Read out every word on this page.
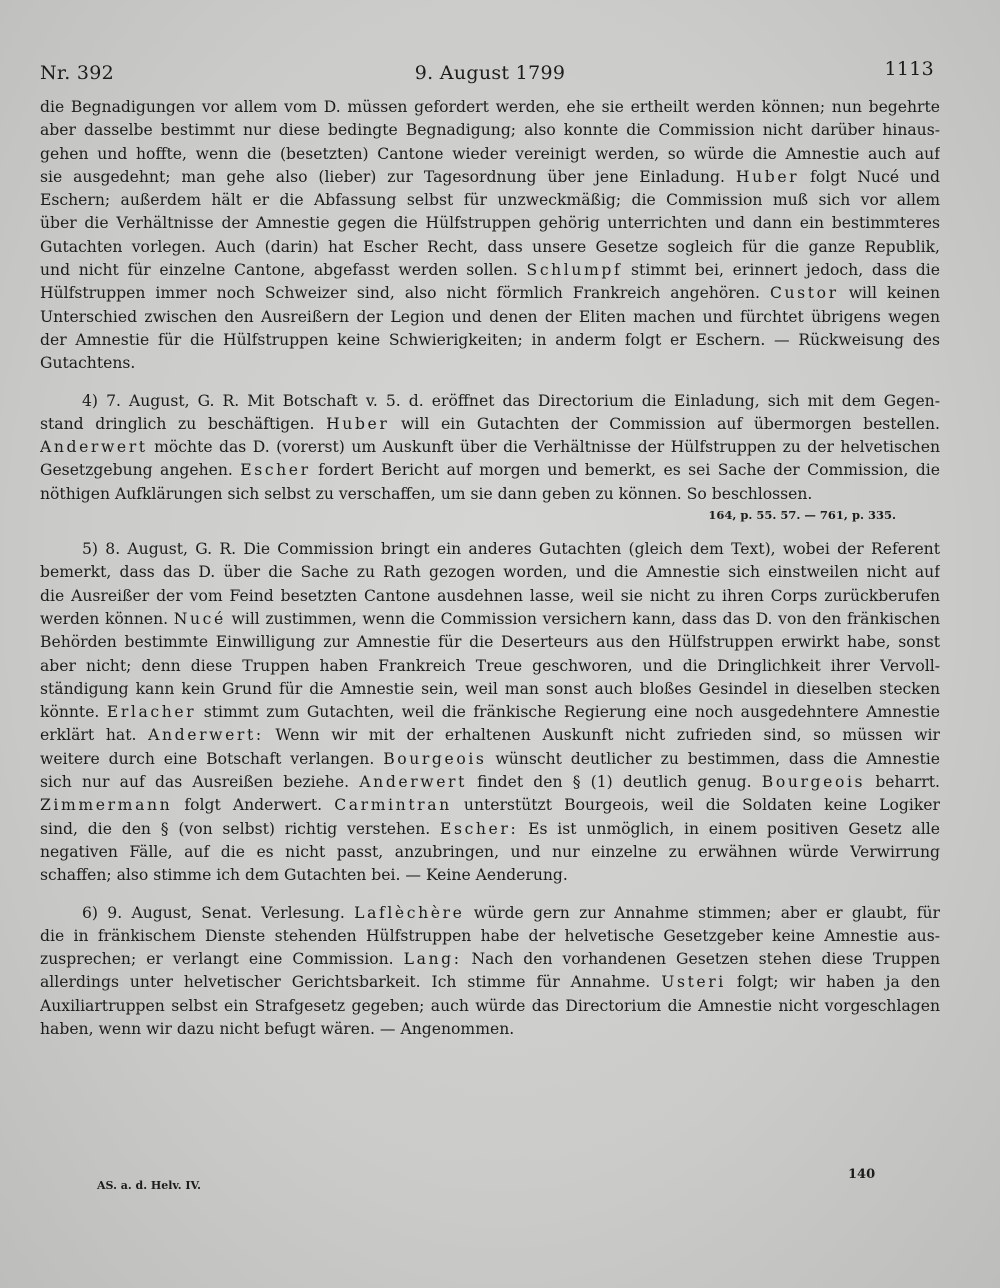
Nr. 392	9. August 1799	1113
die Begnadigungen vor allem vom D. müssen gefordert werden, ehe sie ertheilt werden können; nun begehrte
aber dasselbe bestimmt nur diese bedingte Begnadigung; also konnte die Commission nicht darüber hinaus-
gehen und hoffte, wenn die (besetzten) Cantone wieder vereinigt werden, so würde die Amnestie auch auf
sie ausgedehnt; man gehe also (lieber) zur Tagesordnung über jene Einladung. Huber folgt Nucé und
Eschern; außerdem hält er die Abfassung selbst für unzweckmäßig; die Commission muß sich vor allem
über die Verhältnisse der Amnestie gegen die Hülfstruppen gehörig unterrichten und dann ein bestimmteres
Gutachten vorlegen. Auch (darin) hat Escher Recht, dass unsere Gesetze sogleich für die ganze Republik,
und nicht für einzelne Cantone, abgefasst werden sollen. Schlumpf stimmt bei, erinnert jedoch, dass die
Hülfstruppen immer noch Schweizer sind, also nicht förmlich Frankreich angehören. Custor will keinen
Unterschied zwischen den Ausreißern der Legion und denen der Eliten machen und fürchtet übrigens wegen
der Amnestie für die Hülfstruppen keine Schwierigkeiten; in anderm folgt er Eschern. — Rückweisung des
Gutachtens.
4) 7. August, G. R. Mit Botschaft v. 5. d. eröffnet das Directorium die Einladung, sich mit dem Gegen-
stand dringlich zu beschäftigen. Huber will ein Gutachten der Commission auf übermorgen bestellen.
Anderwert möchte das D. (vorerst) um Auskunft über die Verhältnisse der Hülfstruppen zu der helvetischen
Gesetzgebung angehen. Escher fordert Bericht auf morgen und bemerkt, es sei Sache der Commission, die
nöthigen Aufklärungen sich selbst zu verschaffen, um sie dann geben zu können. So beschlossen.
164, p. 55. 57. — 761, p. 335.
5) 8. August, G. R. Die Commission bringt ein anderes Gutachten (gleich dem Text), wobei der Referent
bemerkt, dass das D. über die Sache zu Rath gezogen worden, und die Amnestie sich einstweilen nicht auf
die Ausreißer der vom Feind besetzten Cantone ausdehnen lasse, weil sie nicht zu ihren Corps zurückberufen
werden können. Nucé will zustimmen, wenn die Commission versichern kann, dass das D. von den fränkischen
Behörden bestimmte Einwilligung zur Amnestie für die Deserteurs aus den Hülfstruppen erwirkt habe, sonst
aber nicht; denn diese Truppen haben Frankreich Treue geschworen, und die Dringlichkeit ihrer Vervoll-
ständigung kann kein Grund für die Amnestie sein, weil man sonst auch bloßes Gesindel in dieselben stecken
könnte. Erlacher stimmt zum Gutachten, weil die fränkische Regierung eine noch ausgedehntere Amnestie
erklärt hat. Anderwert: Wenn wir mit der erhaltenen Auskunft nicht zufrieden sind, so müssen wir
weitere durch eine Botschaft verlangen. Bourgeois wünscht deutlicher zu bestimmen, dass die Amnestie
sich nur auf das Ausreißen beziehe. Anderwert findet den § (1) deutlich genug. Bourgeois beharrt.
Zimmermann folgt Anderwert. Carmintran unterstützt Bourgeois, weil die Soldaten keine Logiker
sind, die den § (von selbst) richtig verstehen. Escher: Es ist unmöglich, in einem positiven Gesetz alle
negativen Fälle, auf die es nicht passt, anzubringen, und nur einzelne zu erwähnen würde Verwirrung
schaffen; also stimme ich dem Gutachten bei. — Keine Aenderung.
6) 9. August, Senat. Verlesung. Laflèchère würde gern zur Annahme stimmen; aber er glaubt, für
die in fränkischem Dienste stehenden Hülfstruppen habe der helvetische Gesetzgeber keine Amnestie aus-
zusprechen; er verlangt eine Commission. Lang: Nach den vorhandenen Gesetzen stehen diese Truppen
allerdings unter helvetischer Gerichtsbarkeit. Ich stimme für Annahme. Usteri folgt; wir haben ja den
Auxiliartruppen selbst ein Strafgesetz gegeben; auch würde das Directorium die Amnestie nicht vorgeschlagen
haben, wenn wir dazu nicht befugt wären. — Angenommen.
AS. a. d. Helv. IV.
140
